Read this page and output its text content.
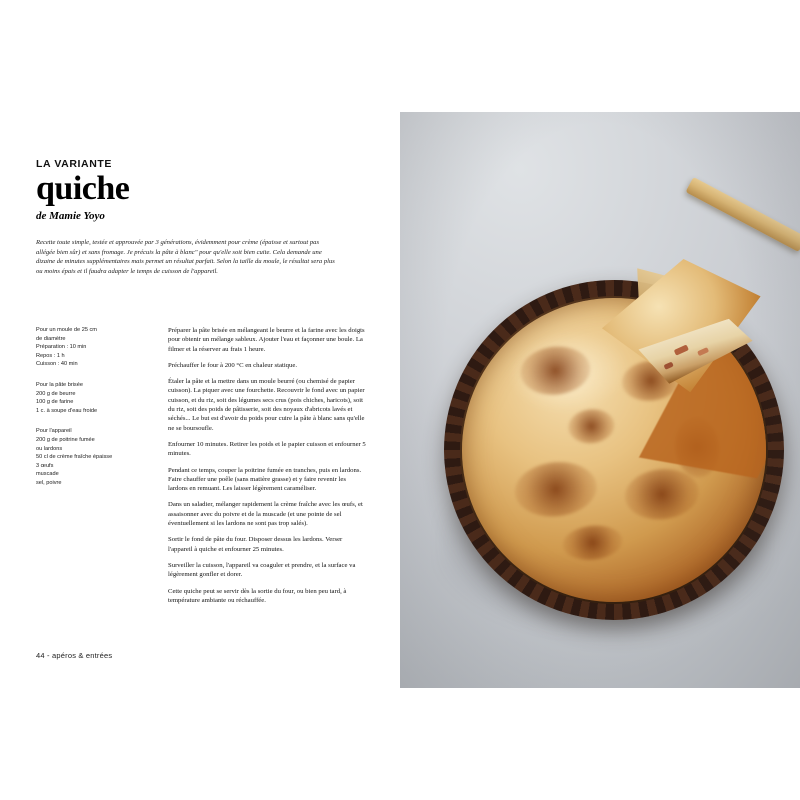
LA VARIANTE
quiche
de Mamie Yoyo

Recette toute simple, testée et approuvée par 3 générations, évidemment pour crème (épaisse et surtout pas allégée bien sûr) et sans fromage. Je précuis la pâte à blanc" pour qu'elle soit bien cuite. Cela demande une dizaine de minutes supplémentaires mais permet un résultat parfait. Selon la taille du moule, le résultat sera plus ou moins épais et il faudra adapter le temps de cuisson de l'appareil.

Pour un moule de 25 cm
de diamètre
Préparation : 10 min
Repos : 1 h
Cuisson : 40 min
Pour la pâte brisée
200 g de beurre
100 g de farine
1 c. à soupe d'eau froide
Pour l'appareil
200 g de poitrine fumée
ou lardons
50 cl de crème fraîche épaisse
3 œufs
muscade
sel, poivre

Préparer la pâte brisée en mélangeant le beurre et la farine avec les doigts pour obtenir un mélange sableux. Ajouter l'eau et façonner une boule. La filmer et la réserver au frais 1 heure.

Préchauffer le four à 200 °C en chaleur statique.

Étaler la pâte et la mettre dans un moule beurré (ou chemisé de papier cuisson). La piquer avec une fourchette. Recouvrir le fond avec un papier cuisson, et du riz, soit des légumes secs crus (pois chiches, haricots), soit du riz, soit des poids de pâtisserie, soit des noyaux d'abricots lavés et séchés... Le but est d'avoir du poids pour cuire la pâte à blanc sans qu'elle ne se boursoufle.

Enfourner 10 minutes. Retirer les poids et le papier cuisson et enfourner 5 minutes.

Pendant ce temps, couper la poitrine fumée en tranches, puis en lardons. Faire chauffer une poêle (sans matière grasse) et y faire revenir les lardons en remuant. Les laisser légèrement caraméliser.

Dans un saladier, mélanger rapidement la crème fraîche avec les œufs, et assaisonner avec du poivre et de la muscade (et une pointe de sel éventuellement si les lardons ne sont pas trop salés).

Sortir le fond de pâte du four. Disposer dessus les lardons. Verser l'appareil à quiche et enfourner 25 minutes.

Surveiller la cuisson, l'appareil va coaguler et prendre, et la surface va légèrement gonfler et dorer.

Cette quiche peut se servir dès la sortie du four, ou bien peu tard, à température ambiante ou réchauffée.

44 - apéros & entrées
